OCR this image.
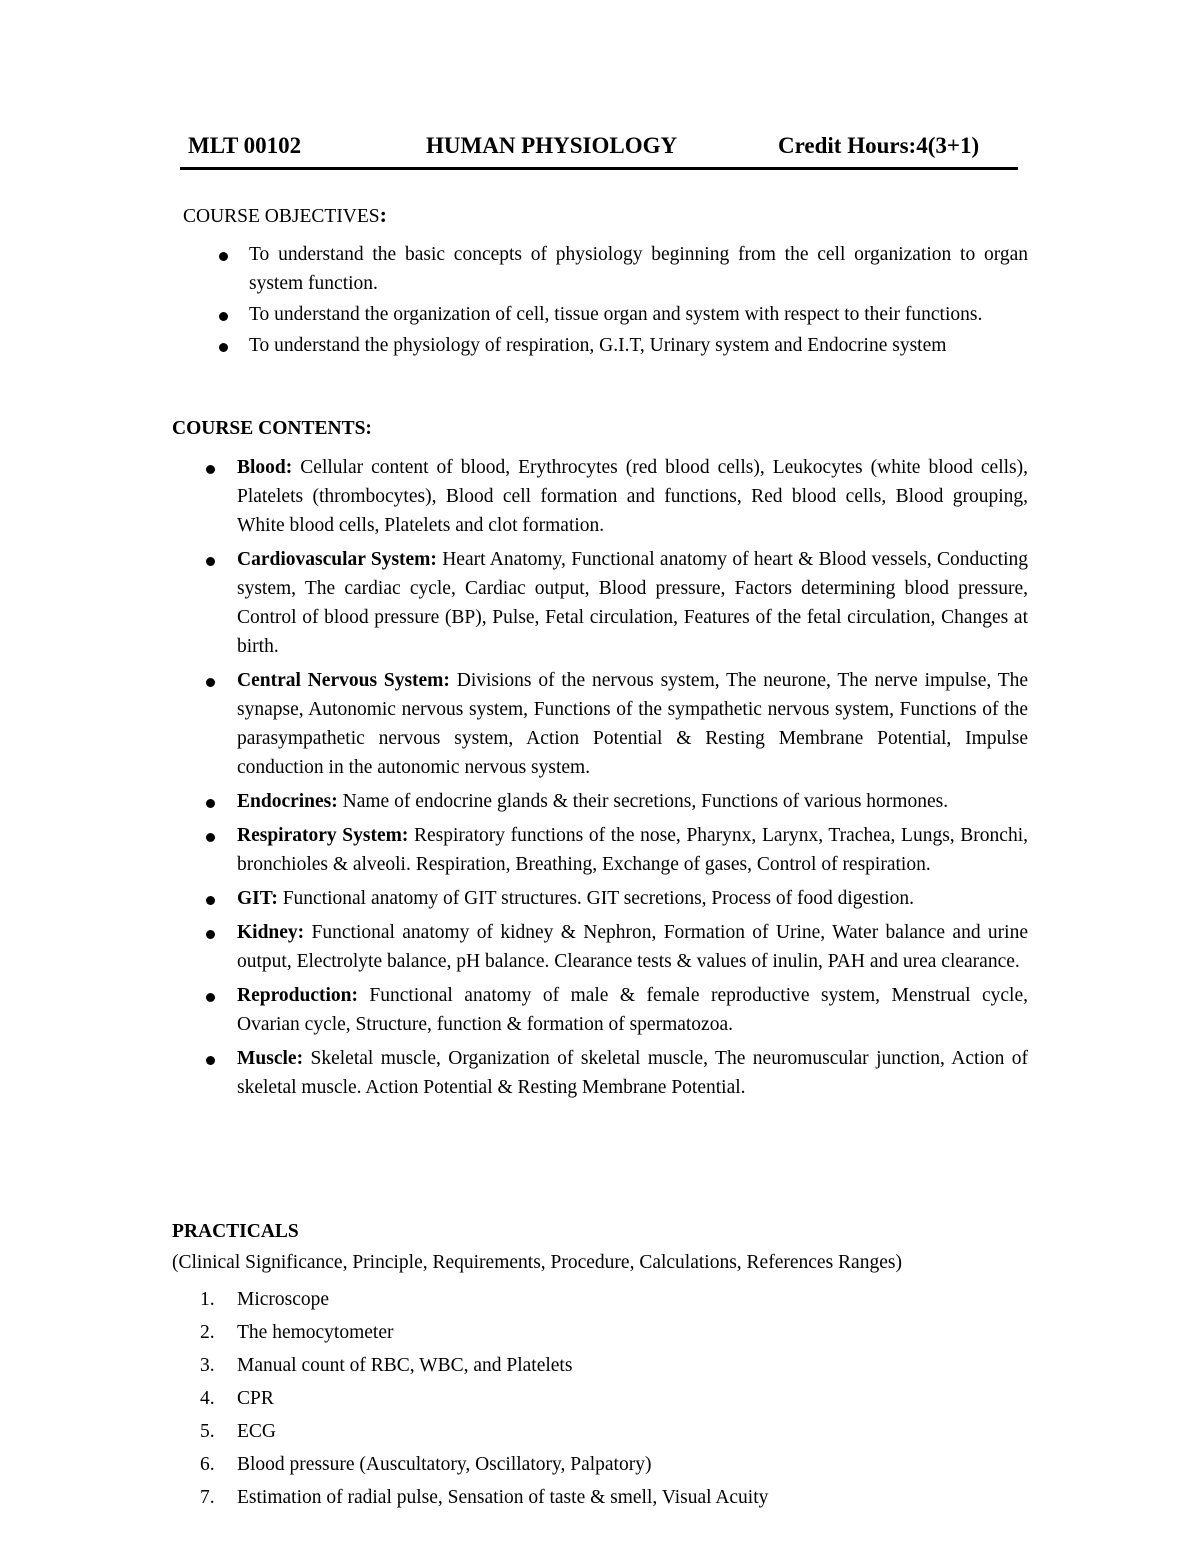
MLT 00102	HUMAN PHYSIOLOGY	Credit Hours:4(3+1)
COURSE OBJECTIVES:
To understand the basic concepts of physiology beginning from the cell organization to organ system function.
To understand the organization of cell, tissue organ and system with respect to their functions.
To understand the physiology of respiration, G.I.T, Urinary system and Endocrine system
COURSE CONTENTS:
Blood: Cellular content of blood, Erythrocytes (red blood cells), Leukocytes (white blood cells), Platelets (thrombocytes), Blood cell formation and functions, Red blood cells, Blood grouping, White blood cells, Platelets and clot formation.
Cardiovascular System: Heart Anatomy, Functional anatomy of heart & Blood vessels, Conducting system, The cardiac cycle, Cardiac output, Blood pressure, Factors determining blood pressure, Control of blood pressure (BP), Pulse, Fetal circulation, Features of the fetal circulation, Changes at birth.
Central Nervous System: Divisions of the nervous system, The neurone, The nerve impulse, The synapse, Autonomic nervous system, Functions of the sympathetic nervous system, Functions of the parasympathetic nervous system, Action Potential & Resting Membrane Potential, Impulse conduction in the autonomic nervous system.
Endocrines: Name of endocrine glands & their secretions, Functions of various hormones.
Respiratory System: Respiratory functions of the nose, Pharynx, Larynx, Trachea, Lungs, Bronchi, bronchioles & alveoli. Respiration, Breathing, Exchange of gases, Control of respiration.
GIT: Functional anatomy of GIT structures. GIT secretions, Process of food digestion.
Kidney: Functional anatomy of kidney & Nephron, Formation of Urine, Water balance and urine output, Electrolyte balance, pH balance. Clearance tests & values of inulin, PAH and urea clearance.
Reproduction: Functional anatomy of male & female reproductive system, Menstrual cycle, Ovarian cycle, Structure, function & formation of spermatozoa.
Muscle: Skeletal muscle, Organization of skeletal muscle, The neuromuscular junction, Action of skeletal muscle. Action Potential & Resting Membrane Potential.
PRACTICALS
(Clinical Significance, Principle, Requirements, Procedure, Calculations, References Ranges)
1. Microscope
2. The hemocytometer
3. Manual count of RBC, WBC, and Platelets
4. CPR
5. ECG
6. Blood pressure (Auscultatory, Oscillatory, Palpatory)
7. Estimation of radial pulse, Sensation of taste & smell, Visual Acuity
